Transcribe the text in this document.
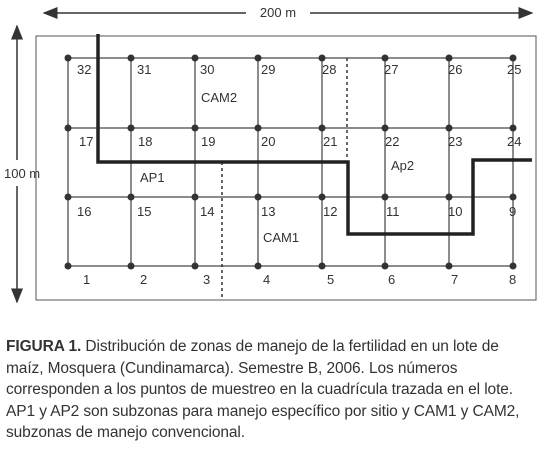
200 m
100 m
32	31	30	29	28	27	26	25
17	18	19	20	21	22	23	24
16	15	14	13	12	11	10	9
1	2	3	4	5	6	7	8
CAM2
AP1
Ap2
CAM1
FIGURA 1. Distribución de zonas de manejo de la fertilidad en un lote de maíz, Mosquera (Cundinamarca). Semestre B, 2006. Los números corresponden a los puntos de muestreo en la cuadrícula trazada en el lote. AP1 y AP2 son subzonas para manejo específico por sitio y CAM1 y CAM2, subzonas de manejo convencional.
